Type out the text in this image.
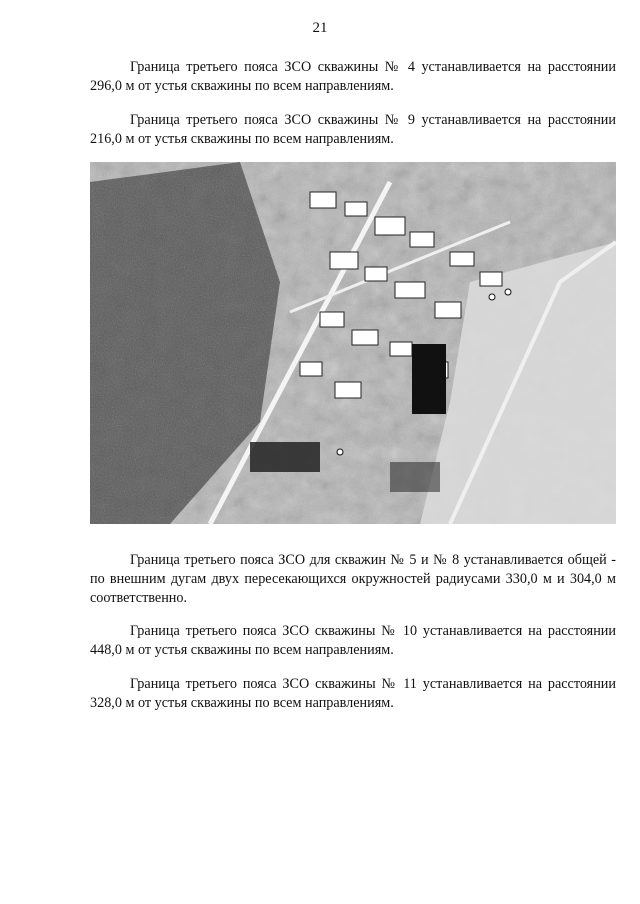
21

Граница третьего пояса ЗСО скважины № 4 устанавливается на расстоянии 296,0 м от устья скважины по всем направлениям.

Граница третьего пояса ЗСО скважины № 9 устанавливается на расстоянии 216,0 м от устья скважины по всем направлениям.

Граница третьего пояса ЗСО для скважин № 5 и № 8 устанавливается общей - по внешним дугам двух пересекающихся окружностей радиусами 330,0 м и 304,0 м соответственно.

Граница третьего пояса ЗСО скважины № 10 устанавливается на расстоянии 448,0 м от устья скважины по всем направлениям.

Граница третьего пояса ЗСО скважины № 11 устанавливается на расстоянии 328,0 м от устья скважины по всем направлениям.
